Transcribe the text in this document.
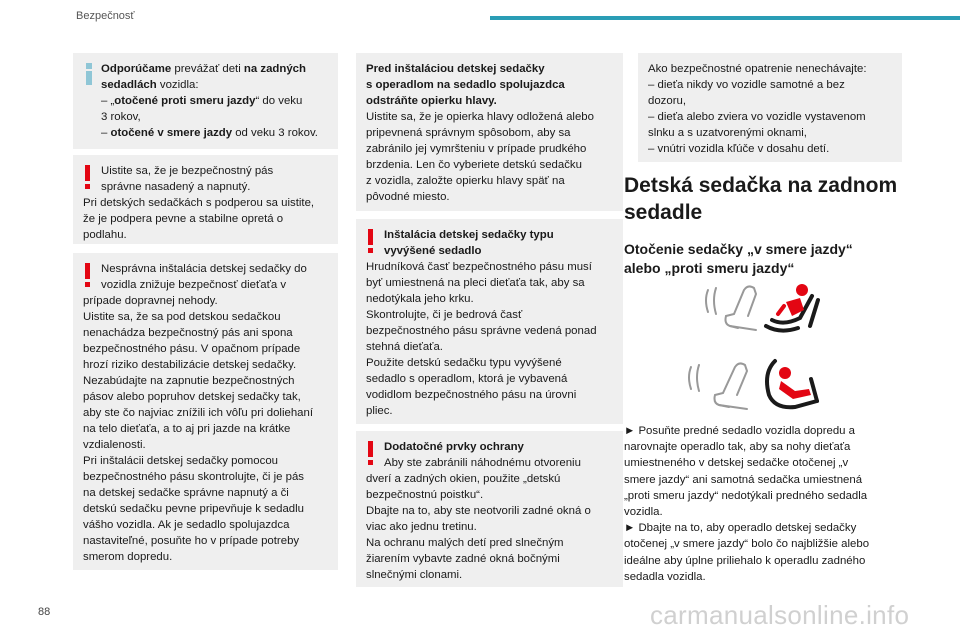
Bezpečnosť
Odporúčame prevážať deti na zadných
sedadlách vozidla:
– „otočené proti smeru jazdy“ do veku
3 rokov,
– otočené v smere jazdy od veku 3 rokov.
Uistite sa, že je bezpečnostný pás
správne nasadený a napnutý.
Pri detských sedačkách s podperou sa uistite,
že je podpera pevne a stabilne opretá o
podlahu.
Nesprávna inštalácia detskej sedačky do
vozidla znižuje bezpečnosť dieťaťa v
prípade dopravnej nehody.
Uistite sa, že sa pod detskou sedačkou
nenachádza bezpečnostný pás ani spona
bezpečnostného pásu. V opačnom prípade
hrozí riziko destabilizácie detskej sedačky.
Nezabúdajte na zapnutie bezpečnostných
pásov alebo popruhov detskej sedačky tak,
aby ste čo najviac znížili ich vôľu pri doliehaní
na telo dieťaťa, a to aj pri jazde na krátke
vzdialenosti.
Pri inštalácii detskej sedačky pomocou
bezpečnostného pásu skontrolujte, či je pás
na detskej sedačke správne napnutý a či
detskú sedačku pevne pripevňuje k sedadlu
vášho vozidla. Ak je sedadlo spolujazdca
nastaviteľné, posuňte ho v prípade potreby
smerom dopredu.
Pred inštaláciou detskej sedačky
s operadlom na sedadlo spolujazdca
odstráňte opierku hlavy.
Uistite sa, že je opierka hlavy odložená alebo
pripevnená správnym spôsobom, aby sa
zabránilo jej vymršteniu v prípade prudkého
brzdenia. Len čo vyberiete detskú sedačku
z vozidla, založte opierku hlavy späť na
pôvodné miesto.
Inštalácia detskej sedačky typu
vyvýšené sedadlo
Hrudníková časť bezpečnostného pásu musí
byť umiestnená na pleci dieťaťa tak, aby sa
nedotýkala jeho krku.
Skontrolujte, či je bedrová časť
bezpečnostného pásu správne vedená ponad
stehná dieťaťa.
Použite detskú sedačku typu vyvýšené
sedadlo s operadlom, ktorá je vybavená
vodidlom bezpečnostného pásu na úrovni
pliec.
Dodatočné prvky ochrany
Aby ste zabránili náhodnému otvoreniu
dverí a zadných okien, použite „detskú
bezpečnostnú poistku“.
Dbajte na to, aby ste neotvorili zadné okná o
viac ako jednu tretinu.
Na ochranu malých detí pred slnečným
žiarením vybavte zadné okná bočnými
slnečnými clonami.
Ako bezpečnostné opatrenie nenechávajte:
– dieťa nikdy vo vozidle samotné a bez
dozoru,
– dieťa alebo zviera vo vozidle vystavenom
slnku a s uzatvorenými oknami,
– vnútri vozidla kľúče v dosahu detí.
Detská sedačka na zadnom
sedadle
Otočenie sedačky „v smere jazdy“
alebo „proti smeru jazdy“
► Posuňte predné sedadlo vozidla dopredu a
narovnajte operadlo tak, aby sa nohy dieťaťa
umiestneného v detskej sedačke otočenej „v
smere jazdy“ ani samotná sedačka umiestnená
„proti smeru jazdy“ nedotýkali predného sedadla
vozidla.
► Dbajte na to, aby operadlo detskej sedačky
otočenej „v smere jazdy“ bolo čo najbližšie alebo
ideálne aby úplne priliehalo k operadlu zadného
sedadla vozidla.
88	carmanualsonline.info
